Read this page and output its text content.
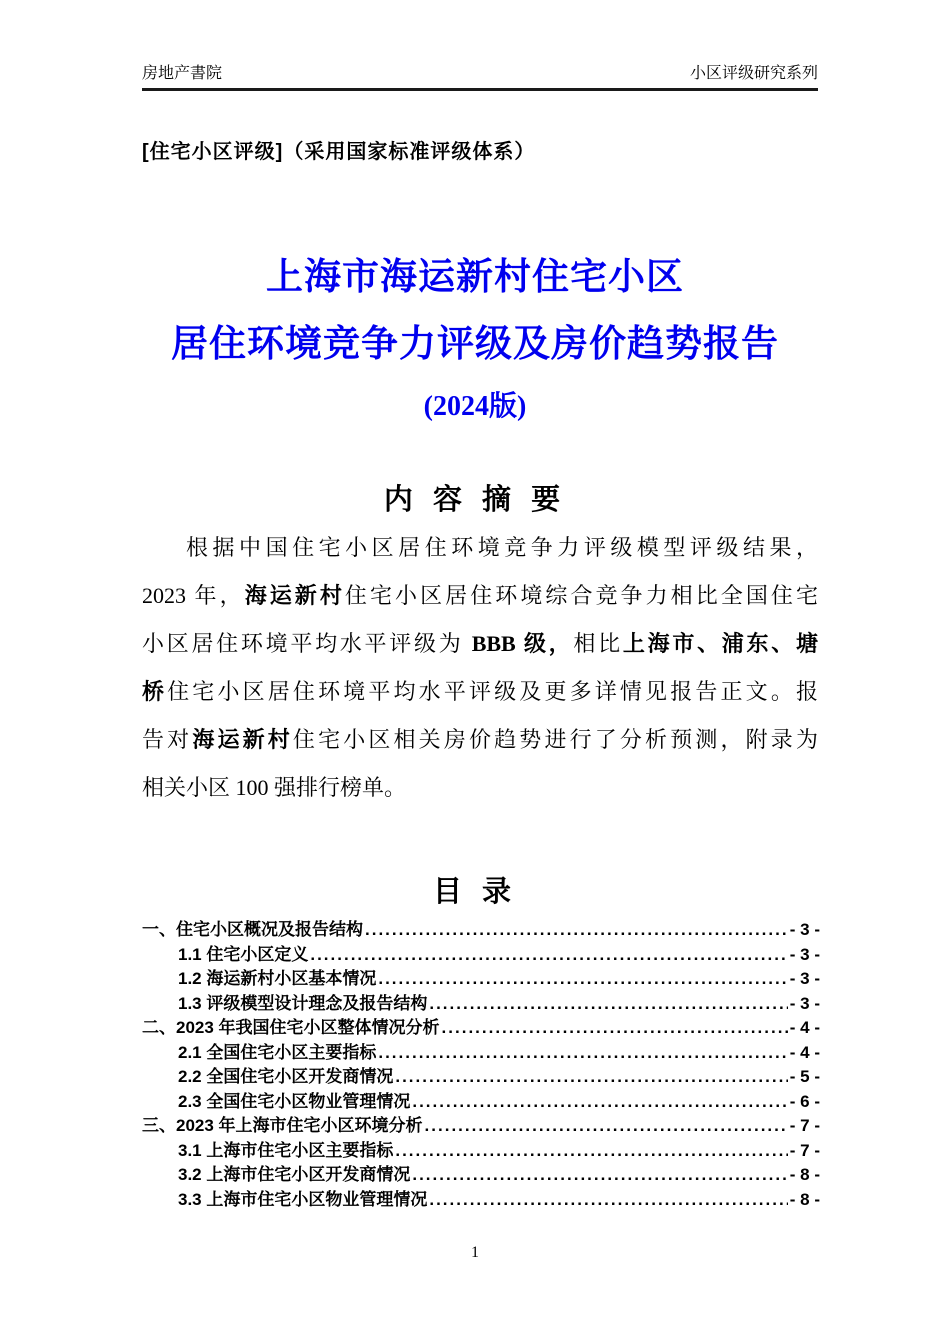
房地产書院	小区评级研究系列
[住宅小区评级]（采用国家标准评级体系）
上海市海运新村住宅小区
居住环境竞争力评级及房价趋势报告
(2024版)
内 容 摘 要
根据中国住宅小区居住环境竞争力评级模型评级结果，
2023 年，海运新村住宅小区居住环境综合竞争力相比全国住宅
小区居住环境平均水平评级为 BBB 级，相比上海市、浦东、塘
桥住宅小区居住环境平均水平评级及更多详情见报告正文。报
告对海运新村住宅小区相关房价趋势进行了分析预测，附录为
相关小区 100 强排行榜单。
目 录
一、住宅小区概况及报告结构 .....	- 3 -
1.1 住宅小区定义 .....	- 3 -
1.2 海运新村小区基本情况 .....	- 3 -
1.3 评级模型设计理念及报告结构 .....	- 3 -
二、2023 年我国住宅小区整体情况分析 .....	- 4 -
2.1 全国住宅小区主要指标 .....	- 4 -
2.2 全国住宅小区开发商情况 .....	- 5 -
2.3 全国住宅小区物业管理情况 .....	- 6 -
三、2023 年上海市住宅小区环境分析 .....	- 7 -
3.1 上海市住宅小区主要指标 .....	- 7 -
3.2 上海市住宅小区开发商情况 .....	- 8 -
3.3 上海市住宅小区物业管理情况 .....	- 8 -
1
